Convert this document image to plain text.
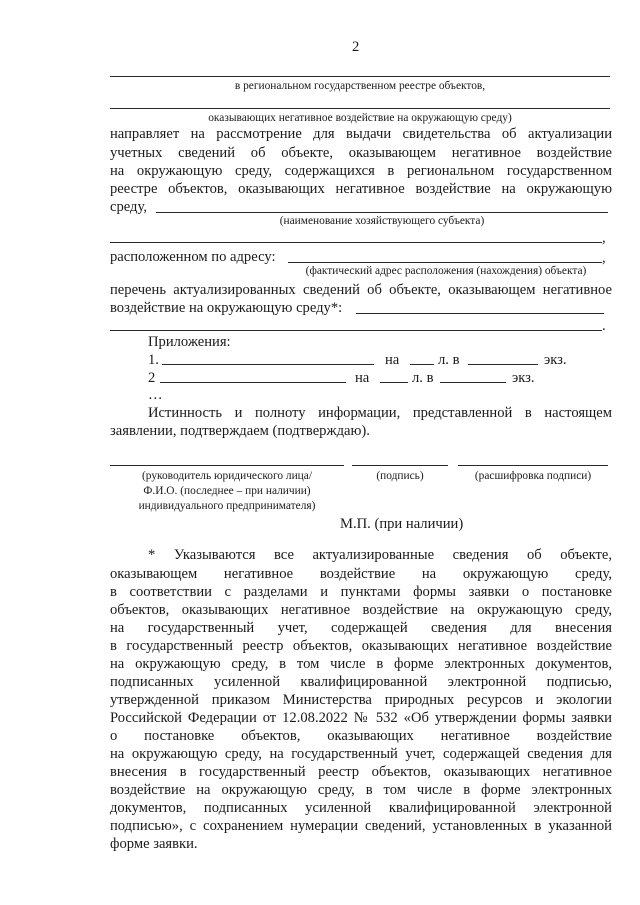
2
в региональном государственном реестре объектов,
оказывающих негативное воздействие на окружающую среду)
направляет на рассмотрение для выдачи свидетельства об актуализации
учетных сведений об объекте, оказывающем негативное воздействие
на окружающую среду, содержащихся в региональном государственном
реестре объектов, оказывающих негативное воздействие на окружающую
среду,
(наименование хозяйствующего субъекта)
,
расположенном по адресу:	,
(фактический адрес расположения (нахождения) объекта)
перечень актуализированных сведений об объекте, оказывающем негативное
воздействие на окружающую среду*:
.
Приложения:
1.	на	л. в	экз.
2	на	л. в	экз.
…
Истинность и полноту информации, представленной в настоящем
заявлении, подтверждаем (подтверждаю).
(руководитель юридического лица/
Ф.И.О. (последнее – при наличии)
индивидуального предпринимателя)
(подпись)	(расшифровка подписи)
М.П. (при наличии)
* Указываются все актуализированные сведения об объекте,
оказывающем негативное воздействие на окружающую среду,
в соответствии с разделами и пунктами формы заявки о постановке
объектов, оказывающих негативное воздействие на окружающую среду,
на государственный учет, содержащей сведения для внесения
в государственный реестр объектов, оказывающих негативное воздействие
на окружающую среду, в том числе в форме электронных документов,
подписанных усиленной квалифицированной электронной подписью,
утвержденной приказом Министерства природных ресурсов и экологии
Российской Федерации от 12.08.2022 № 532 «Об утверждении формы заявки
о постановке объектов, оказывающих негативное воздействие
на окружающую среду, на государственный учет, содержащей сведения для
внесения в государственный реестр объектов, оказывающих негативное
воздействие на окружающую среду, в том числе в форме электронных
документов, подписанных усиленной квалифицированной электронной
подписью», с сохранением нумерации сведений, установленных в указанной
формe заявки.
